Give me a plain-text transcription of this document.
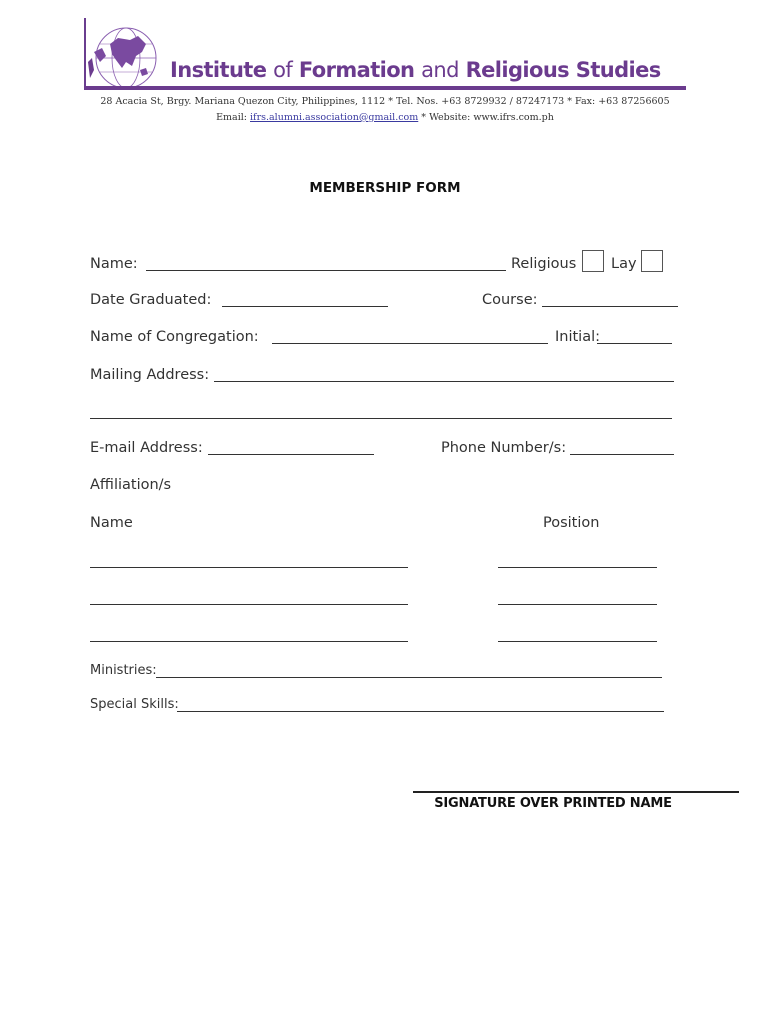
Institute of Formation and Religious Studies
28 Acacia St, Brgy. Mariana Quezon City, Philippines, 1112 * Tel. Nos. +63 8729932 / 87247173 * Fax: +63 87256605
Email: ifrs.alumni.association@gmail.com * Website: www.ifrs.com.ph
MEMBERSHIP FORM
Name:	Religious Lay
Date Graduated:	Course:
Name of Congregation:	Initial:
Mailing Address:
E-mail Address:	Phone Number/s:
Affiliation/s
Name	Position
Ministries:
Special Skills:
SIGNATURE OVER PRINTED NAME
